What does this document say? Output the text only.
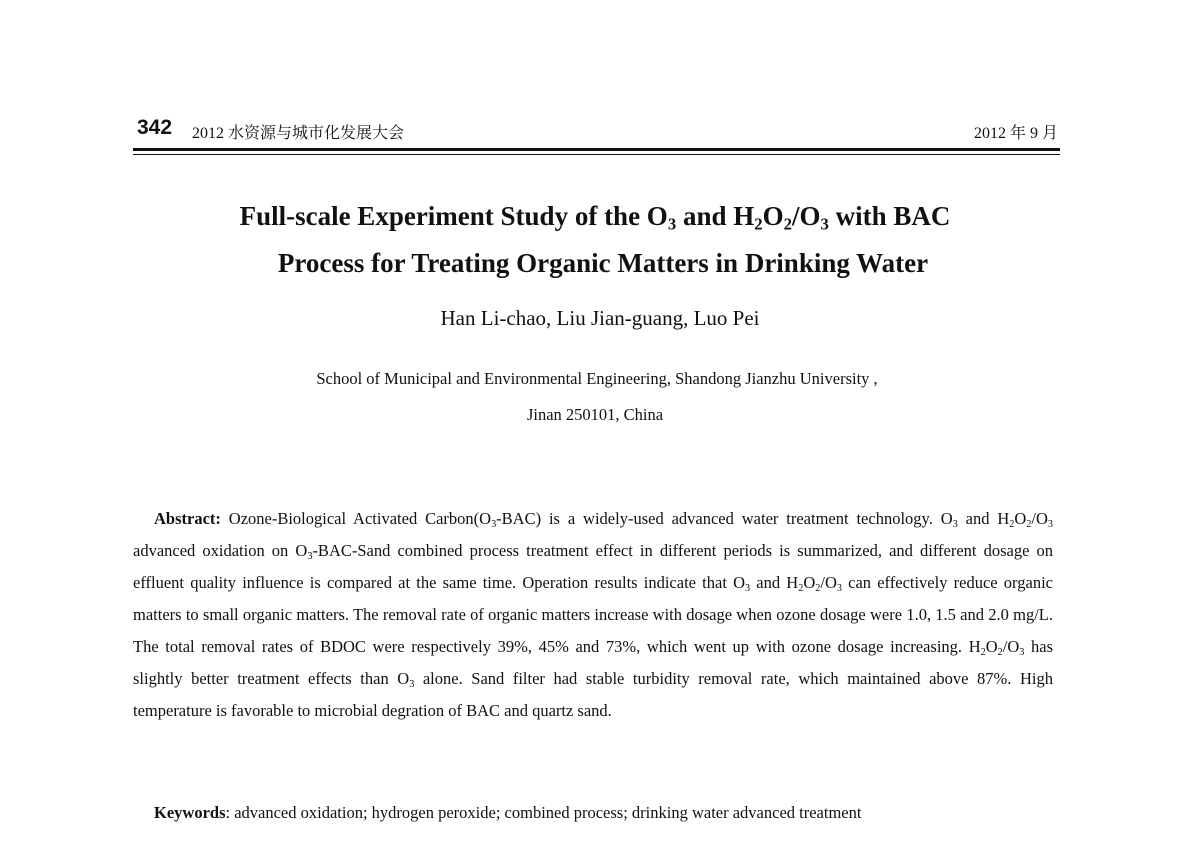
342 2012 水资源与城市化发展大会	2012 年 9 月
Full-scale Experiment Study of the $O_3$ and $H_2O_2/O_3$ with BAC
Process for Treating Organic Matters in Drinking Water
Han Li-chao, Liu Jian-guang, Luo Pei
School of Municipal and Environmental Engineering, Shandong Jianzhu University ,
Jinan 250101, China

Abstract: Ozone-Biological Activated $Carbon(O_3-BAC)$ is a widely-used advanced water treatment technology. $O_3$ and $H_2O_2/O_3$ advanced oxidation on $O_3-BAC$-Sand combined process treatment effect in different periods is summarized, and different dosage on effluent quality influence is compared at the same time. Operation results indicate that $O_3$ and $H_2O_2/O_3$ can effectively reduce organic matters to small organic matters. The removal rate of organic matters increase with dosage when ozone dosage were 1.0, 1.5 and 2.0 mg/L. The total removal rates of BDOC were respectively 39%, 45% and 73%, which went up with ozone dosage increasing. $H_2O_2/O_3$ has slightly better treatment effects than $O_3$ alone. Sand filter had stable turbidity removal rate, which maintained above 87%. High temperature is favorable to microbial degration of BAC and quartz sand.

Keywords: advanced oxidation; hydrogen peroxide; combined process; drinking water advanced treatment
